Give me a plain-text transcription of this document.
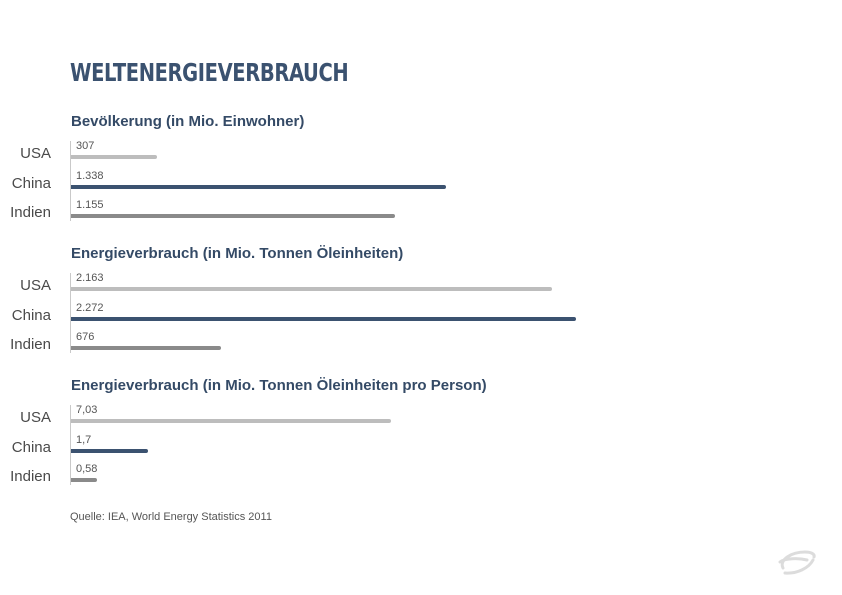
WELTENERGIEVERBRAUCH
Bevölkerung (in Mio. Einwohner)
USA 307
China 1.338
Indien 1.155
Energieverbrauch (in Mio. Tonnen Öleinheiten)
USA 2.163
China 2.272
Indien 676
Energieverbrauch (in Mio. Tonnen Öleinheiten pro Person)
USA 7,03
China 1,7
Indien 0,58
Quelle: IEA, World Energy Statistics 2011
